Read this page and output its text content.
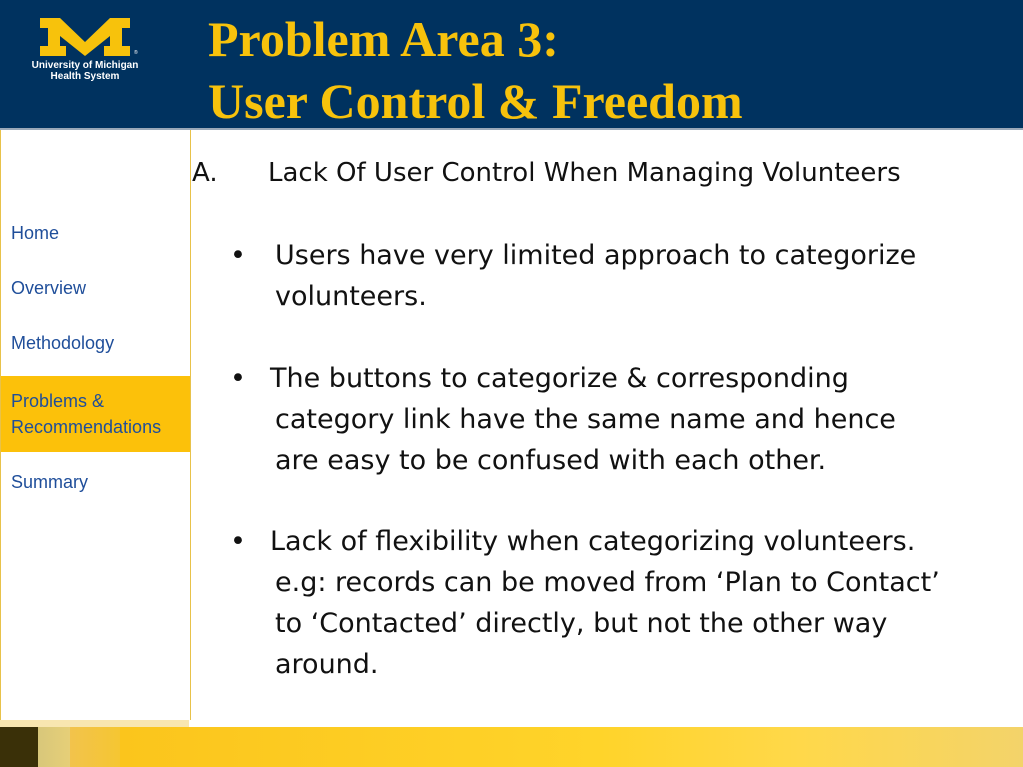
®
University of Michigan
Health System
Problem Area 3:
User Control & Freedom
Home
Overview
Methodology
Problems &
Recommendations
Summary
A. Lack Of User Control When Managing Volunteers
•	Users have very limited approach to categorize
volunteers.
• The buttons to categorize & corresponding
category link have the same name and hence
are easy to be confused with each other.
• Lack of flexibility when categorizing volunteers.
e.g: records can be moved from ‘Plan to Contact’
to ‘Contacted’ directly, but not the other way
around.
